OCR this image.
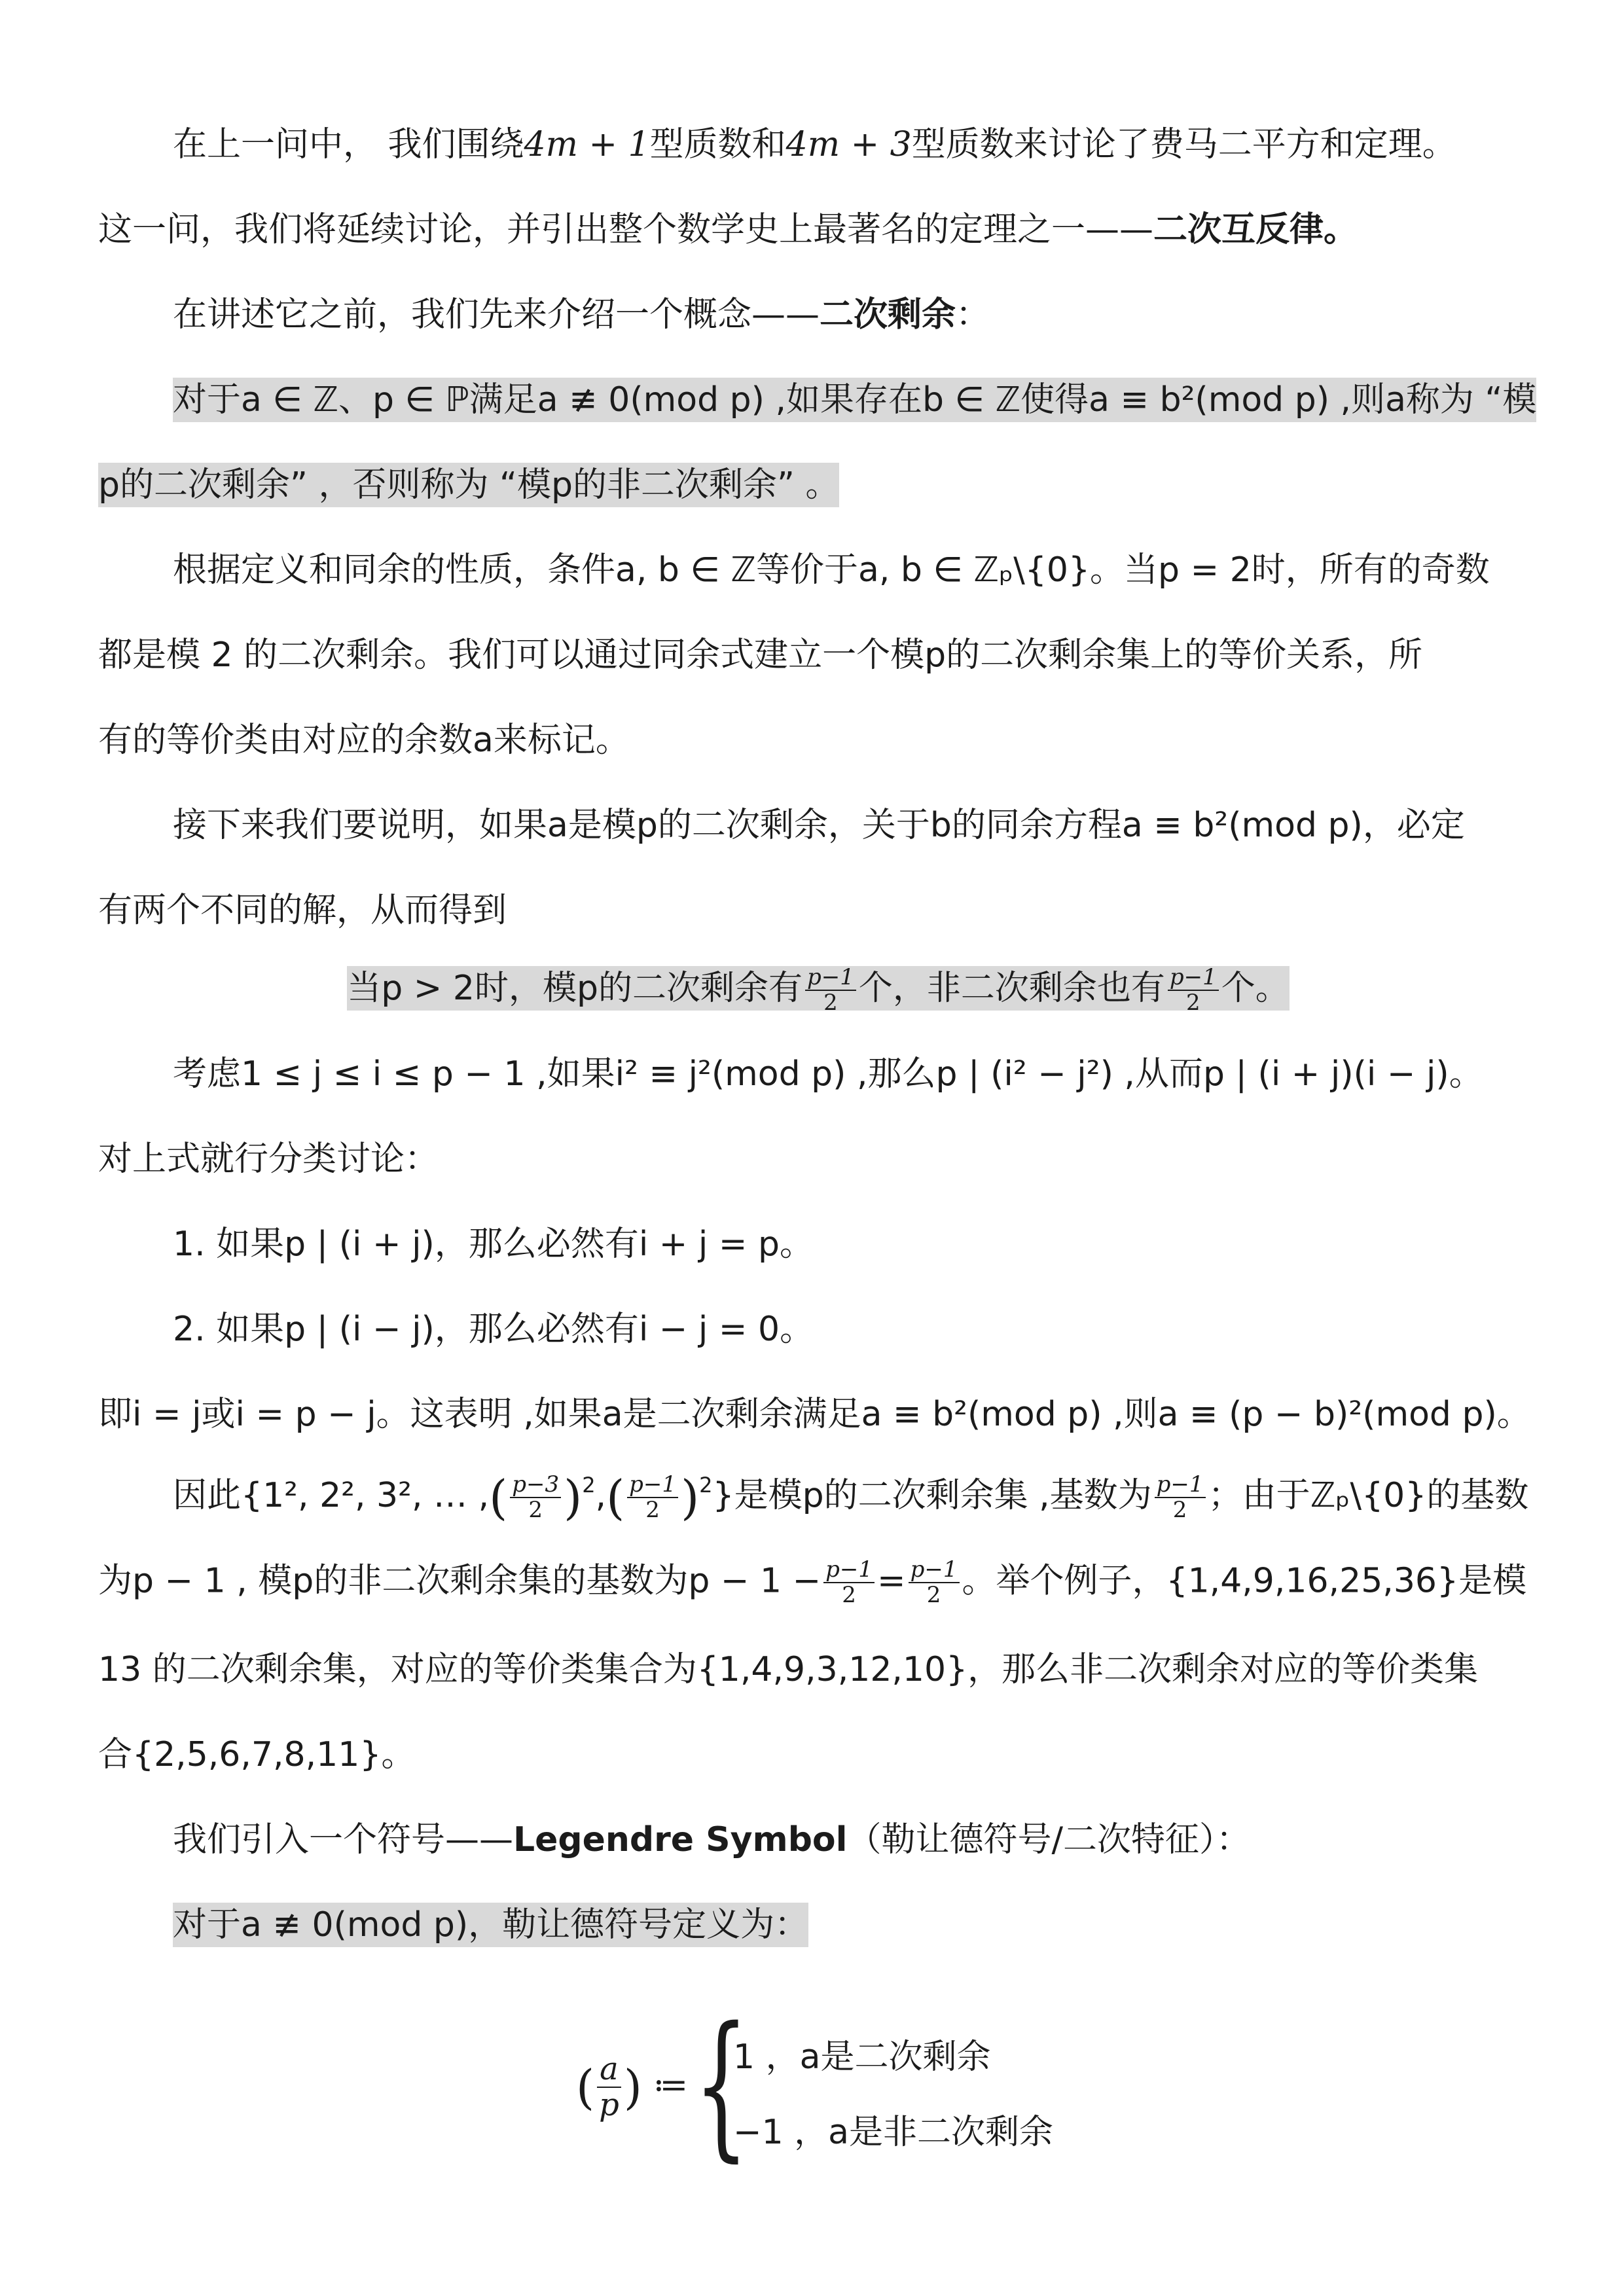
在上一问中， 我们围绕4m + 1型质数和4m + 3型质数来讨论了费马二平方和定理。
这一问，我们将延续讨论，并引出整个数学史上最著名的定理之一——二次互反律。
在讲述它之前，我们先来介绍一个概念——二次剩余：
对于a ∈ ℤ、p ∈ ℙ满足a ≢ 0(mod p) ,如果存在b ∈ ℤ使得a ≡ b²(mod p) ,则a称为 “模
p的二次剩余” ，否则称为 “模p的非二次剩余” 。
根据定义和同余的性质，条件a, b ∈ ℤ等价于a, b ∈ ℤₚ\{0}。当p = 2时，所有的奇数
都是模 2 的二次剩余。我们可以通过同余式建立一个模p的二次剩余集上的等价关系，所
有的等价类由对应的余数a来标记。
接下来我们要说明，如果a是模p的二次剩余，关于b的同余方程a ≡ b²(mod p)，必定
有两个不同的解，从而得到
当p > 2时，模p的二次剩余有 $\frac{p-1}{2}$ 个，非二次剩余也有 $\frac{p-1}{2}$ 个。
考虑1 ≤ j ≤ i ≤ p − 1 ,如果i² ≡ j²(mod p) ,那么p | (i² − j²) ,从而p | (i + j)(i − j)。
对上式就行分类讨论：
1. 如果p | (i + j)，那么必然有i + j = p。
2. 如果p | (i − j)，那么必然有i − j = 0。
即i = j或i = p − j。这表明 ,如果a是二次剩余满足a ≡ b²(mod p) ,则a ≡ (p − b)²(mod p)。
因此{1², 2², 3², … ,( $\frac{p-3}{2} )^2,( \frac{p-1}{2} )^2$}是模p的二次剩余集 ,基数为 $\frac{p-1}{2}$ ；由于ℤₚ\{0}的基数
为p − 1 , 模p的非二次剩余集的基数为$p - 1 - \frac{p-1}{2} = \frac{p-1}{2}$ 。举个例子，{1,4,9,16,25,36}是模
13 的二次剩余集，对应的等价类集合为{1,4,9,3,12,10}，那么非二次剩余对应的等价类集
合{2,5,6,7,8,11}。
我们引入一个符号——Legendre Symbol（勒让德符号/二次特征）：
对于a ≢ 0(mod p)，勒让德符号定义为：
( $\frac{a}{p}$ ) ≔ {
1 ，a是二次剩余
−1 ，a是非二次剩余
